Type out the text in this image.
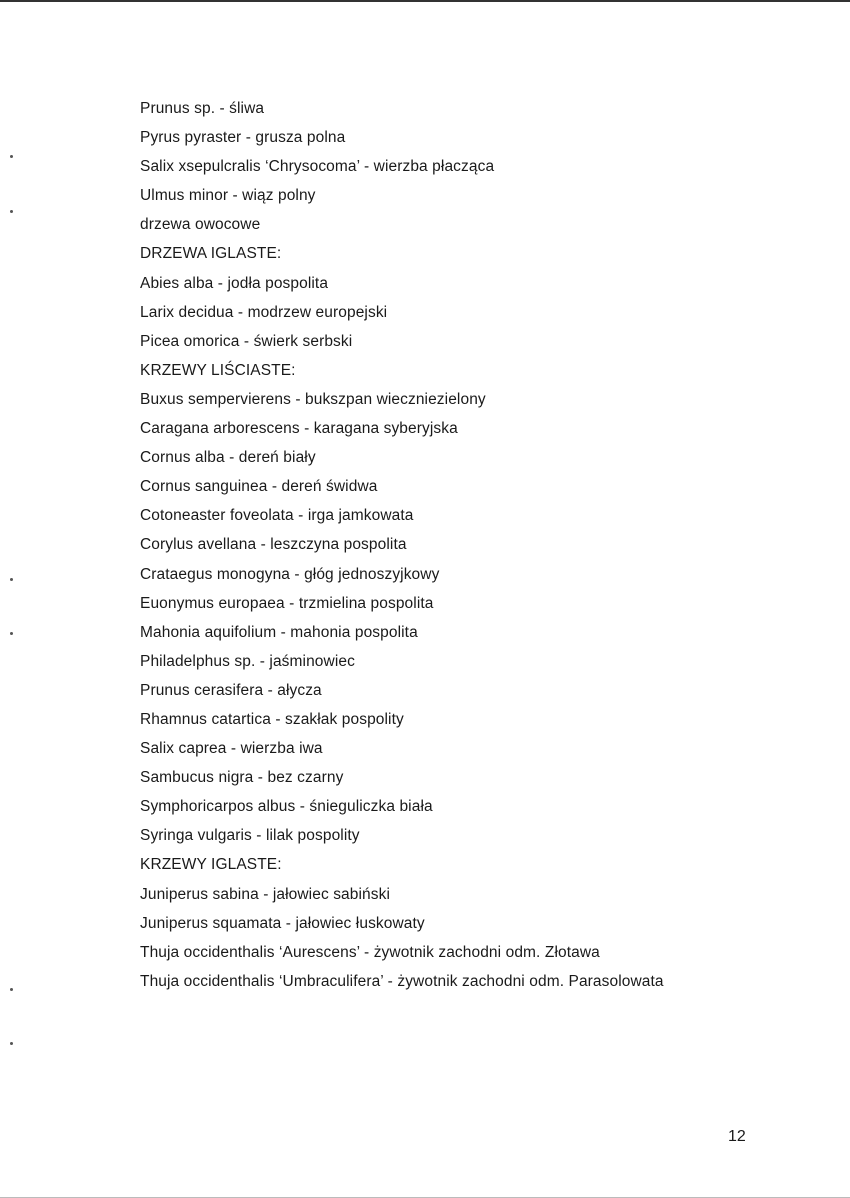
Prunus sp. - śliwa
Pyrus pyraster - grusza polna
Salix xsepulcralis ‘Chrysocoma’ - wierzba płacząca
Ulmus minor - wiąz polny
drzewa owocowe
DRZEWA IGLASTE:
Abies alba - jodła pospolita
Larix decidua - modrzew europejski
Picea omorica - świerk serbski
KRZEWY LIŚCIASTE:
Buxus sempervierens - bukszpan wieczniezielony
Caragana arborescens - karagana syberyjska
Cornus alba - dereń biały
Cornus sanguinea - dereń świdwa
Cotoneaster foveolata - irga jamkowata
Corylus avellana - leszczyna pospolita
Crataegus monogyna - głóg jednoszyjkowy
Euonymus europaea - trzmielina pospolita
Mahonia aquifolium - mahonia pospolita
Philadelphus sp. - jaśminowiec
Prunus cerasifera - ałycza
Rhamnus catartica - szakłak pospolity
Salix caprea - wierzba iwa
Sambucus nigra - bez czarny
Symphoricarpos albus - śnieguliczka biała
Syringa vulgaris - lilak pospolity
KRZEWY IGLASTE:
Juniperus sabina - jałowiec sabiński
Juniperus squamata - jałowiec łuskowaty
Thuja occidenthalis ‘Aurescens’ - żywotnik zachodni odm. Złotawa
Thuja occidenthalis ‘Umbraculifera’ - żywotnik zachodni odm. Parasolowata
12
